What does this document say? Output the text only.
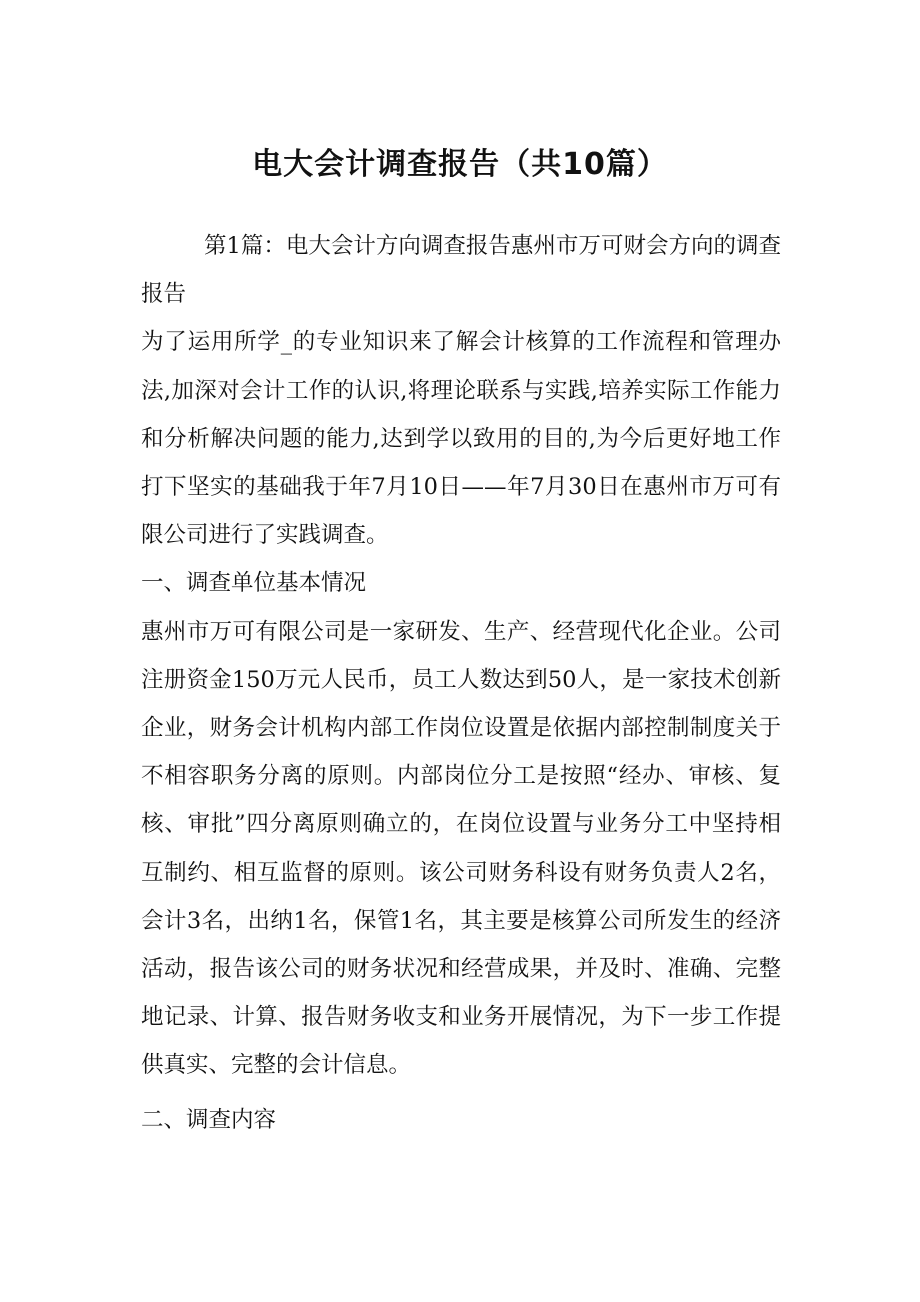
电大会计调查报告（共10篇）

第1篇：电大会计方向调查报告惠州市万可财会方向的调查报告

为了运用所学_的专业知识来了解会计核算的工作流程和管理办法,加深对会计工作的认识,将理论联系与实践,培养实际工作能力和分析解决问题的能力,达到学以致用的目的,为今后更好地工作打下坚实的基础我于年7月10日——年7月30日在惠州市万可有限公司进行了实践调查。

一、调查单位基本情况

惠州市万可有限公司是一家研发、生产、经营现代化企业。公司注册资金150万元人民币，员工人数达到50人，是一家技术创新企业，财务会计机构内部工作岗位设置是依据内部控制制度关于不相容职务分离的原则。内部岗位分工是按照“经办、审核、复核、审批”四分离原则确立的，在岗位设置与业务分工中坚持相互制约、相互监督的原则。该公司财务科设有财务负责人2名，会计3名，出纳1名，保管1名，其主要是核算公司所发生的经济活动，报告该公司的财务状况和经营成果，并及时、准确、完整地记录、计算、报告财务收支和业务开展情况，为下一步工作提供真实、完整的会计信息。

二、调查内容
